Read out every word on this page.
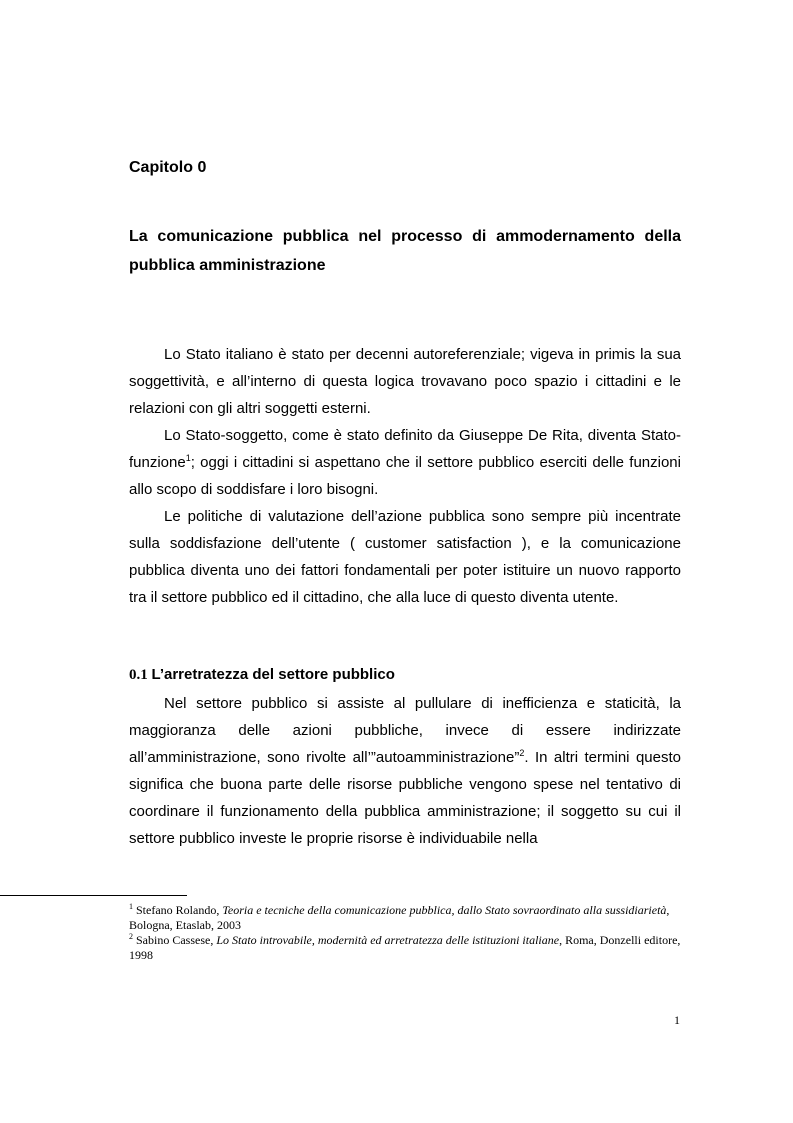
Capitolo 0
La comunicazione pubblica nel processo di ammodernamento della pubblica amministrazione

Lo Stato italiano è stato per decenni autoreferenziale; vigeva in primis la sua soggettività, e all’interno di questa logica trovavano poco spazio i cittadini e le relazioni con gli altri soggetti esterni.

Lo Stato-soggetto, come è stato definito da Giuseppe De Rita, diventa Stato-funzione$^1$; oggi i cittadini si aspettano che il settore pubblico eserciti delle funzioni allo scopo di soddisfare i loro bisogni.

Le politiche di valutazione dell’azione pubblica sono sempre più incentrate sulla soddisfazione dell’utente ( customer satisfaction ), e la comunicazione pubblica diventa uno dei fattori fondamentali per poter istituire un nuovo rapporto tra il settore pubblico ed il cittadino, che alla luce di questo diventa utente.

0.1 L’arretratezza del settore pubblico

Nel settore pubblico si assiste al pullulare di inefficienza e staticità, la maggioranza delle azioni pubbliche, invece di essere indirizzate all’amministrazione, sono rivolte all’”autoamministrazione”$^2$. In altri termini questo significa che buona parte delle risorse pubbliche vengono spese nel tentativo di coordinare il funzionamento della pubblica amministrazione; il soggetto su cui il settore pubblico investe le proprie risorse è individuabile nella

$^1$ Stefano Rolando, Teoria e tecniche della comunicazione pubblica, dallo Stato sovraordinato alla sussidiarietà, Bologna, Etaslab, 2003

$^2$ Sabino Cassese, Lo Stato introvabile, modernità ed arretratezza delle istituzioni italiane, Roma, Donzelli editore, 1998

1
